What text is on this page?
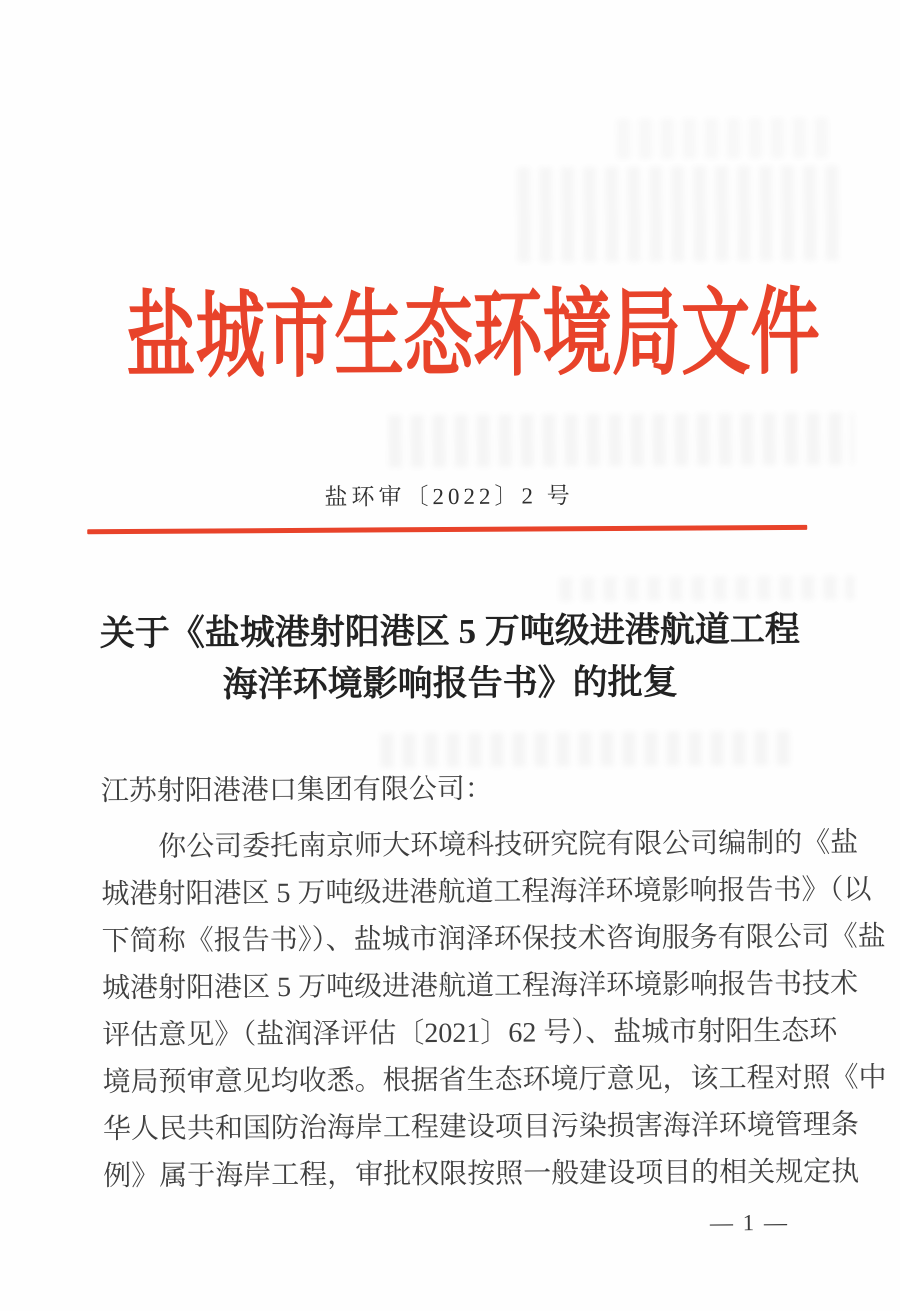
盐城市生态环境局文件
盐环审〔2022〕2 号
关于《盐城港射阳港区 5 万吨级进港航道工程
海洋环境影响报告书》的批复
江苏射阳港港口集团有限公司：
你公司委托南京师大环境科技研究院有限公司编制的《盐
城港射阳港区 5 万吨级进港航道工程海洋环境影响报告书》（以
下简称《报告书》）、盐城市润泽环保技术咨询服务有限公司《盐
城港射阳港区 5 万吨级进港航道工程海洋环境影响报告书技术
评估意见》（盐润泽评估〔2021〕62 号）、盐城市射阳生态环
境局预审意见均收悉。根据省生态环境厅意见，该工程对照《中
华人民共和国防治海岸工程建设项目污染损害海洋环境管理条
例》属于海岸工程，审批权限按照一般建设项目的相关规定执
— 1 —
